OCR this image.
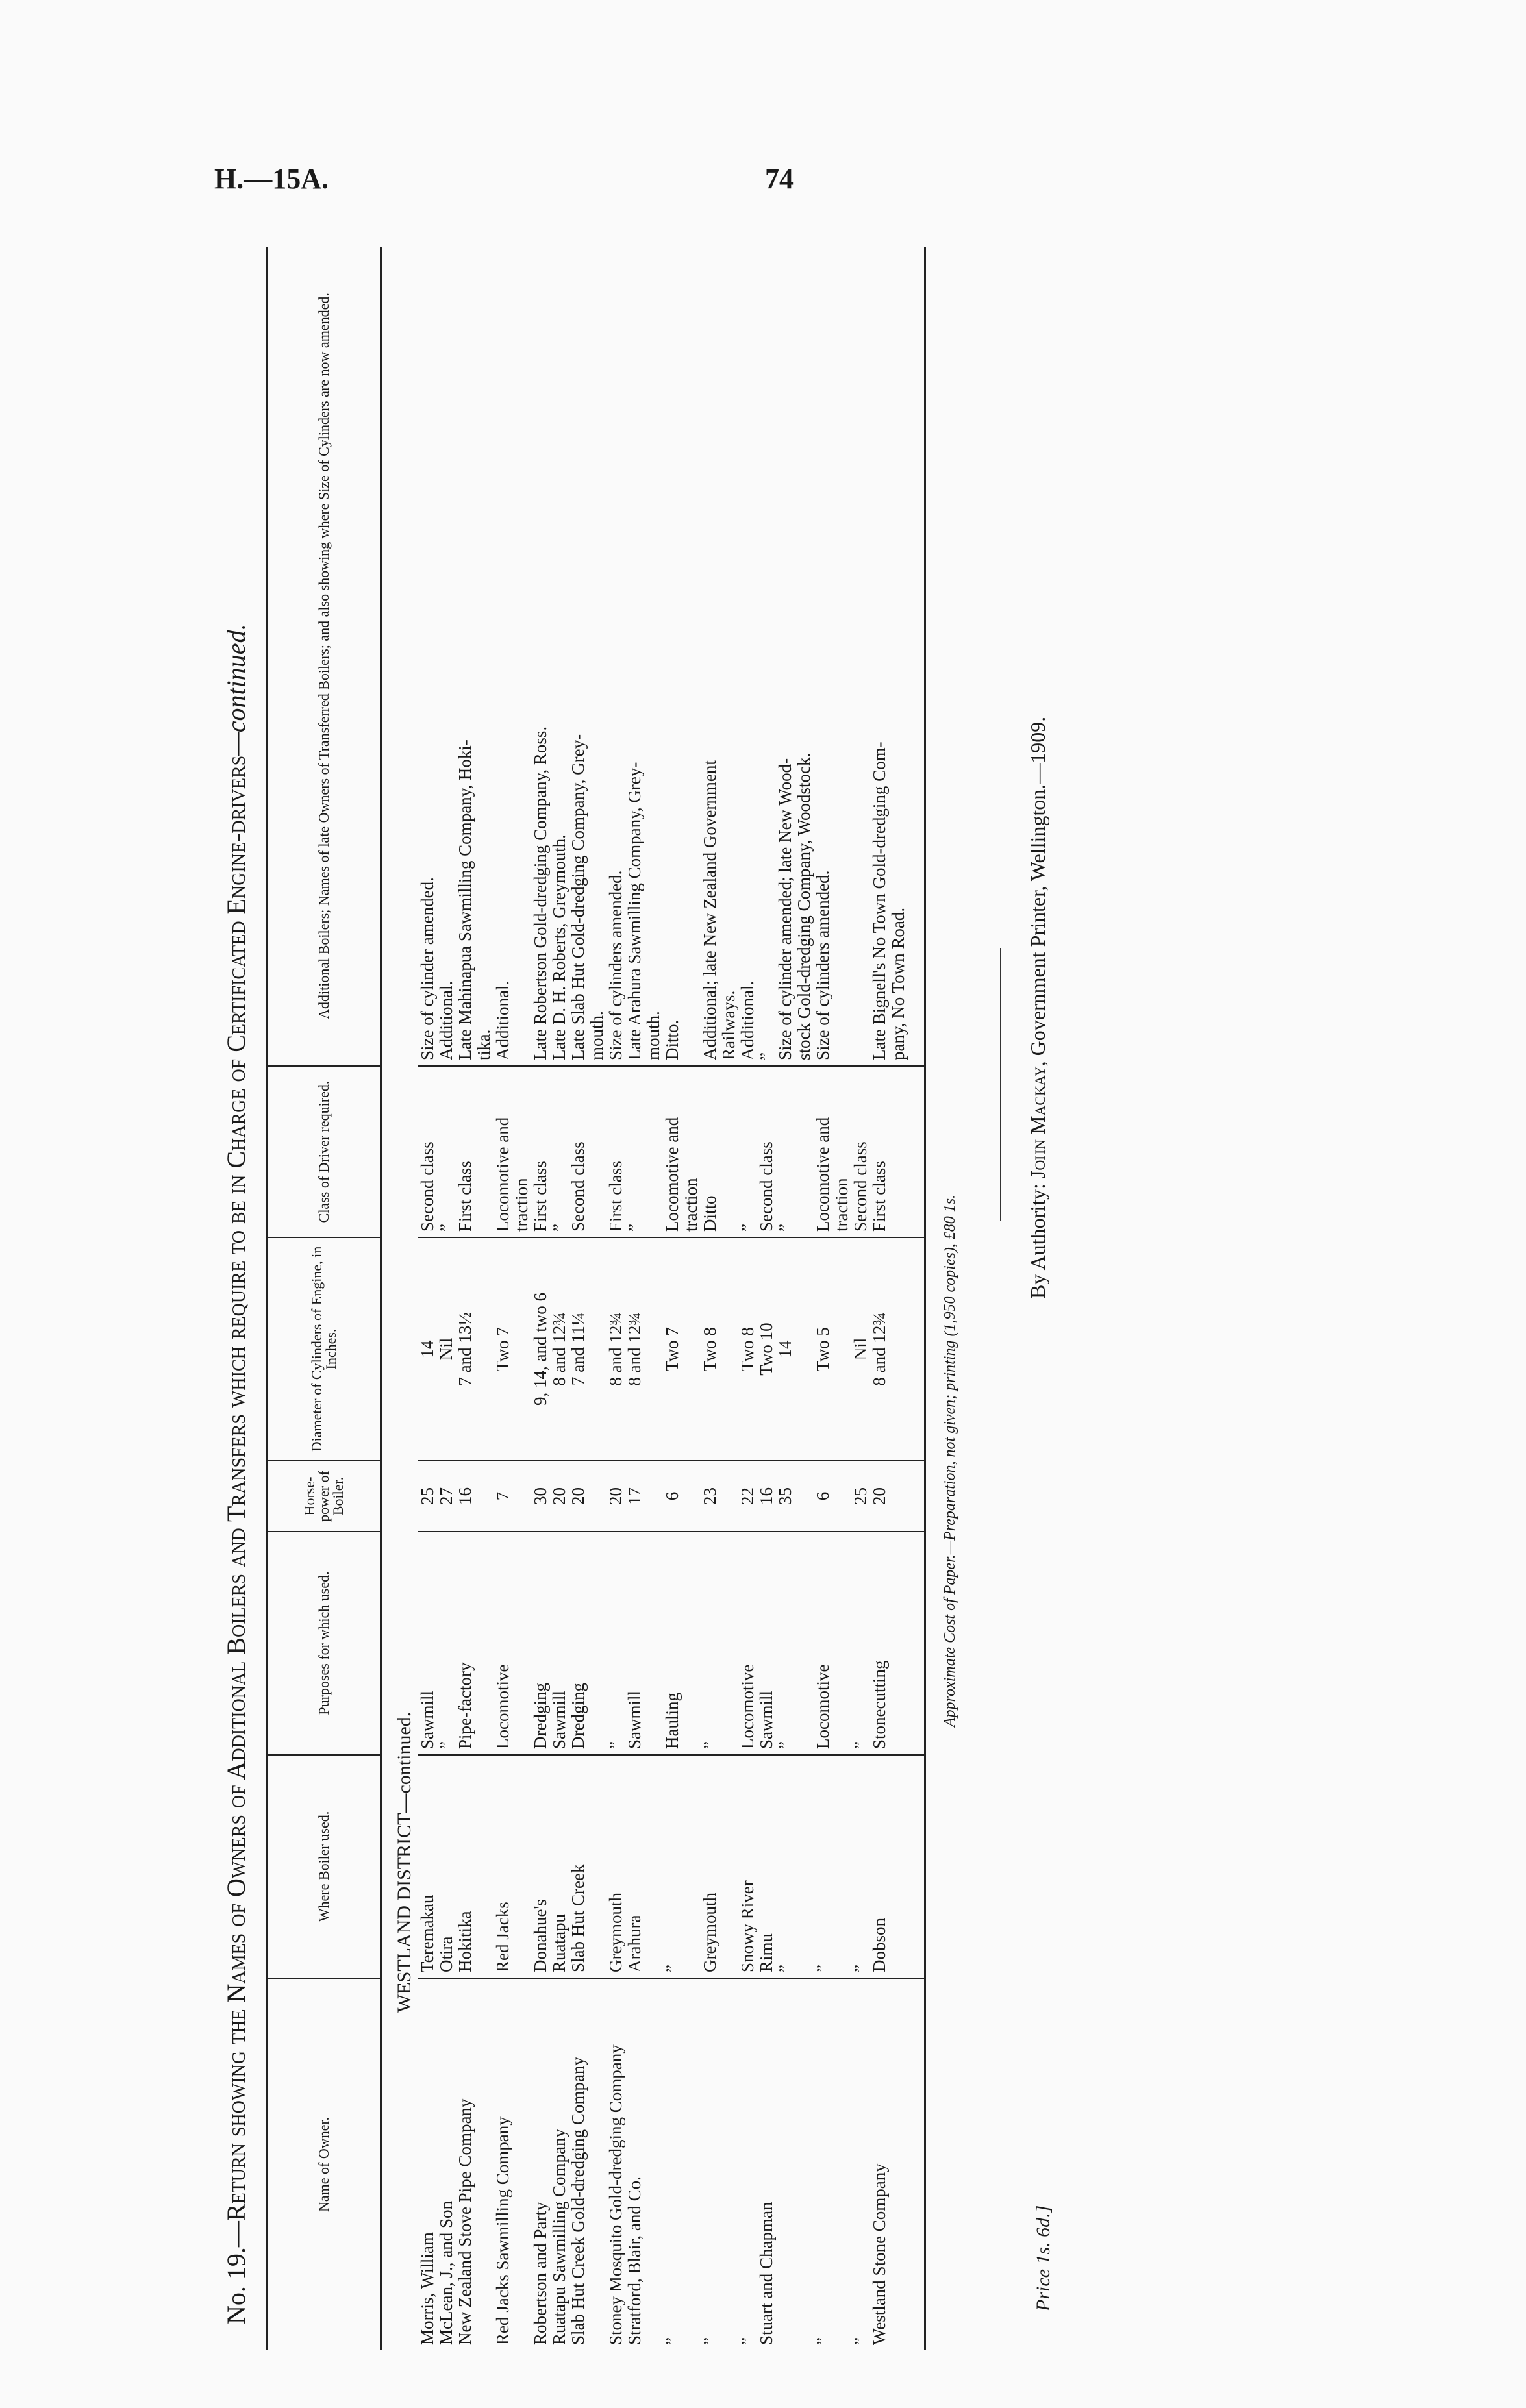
H.—15A.	74
No. 19.—Return showing the Names of Owners of Additional Boilers and Transfers which require to be in Charge of Certificated Engine-drivers—continued.
Name of Owner.	Where Boiler used.	Purposes for which used.	Horse-power of Boiler.	Diameter of Cylinders of Engine, in Inches.	Class of Driver required.	Additional Boilers; Names of late Owners of Transferred Boilers; and also showing where Size of Cylinders are now amended.
WESTLAND DISTRICT—continued.						
Morris, William	Teremakau	Sawmill	25	14	Second class	Size of cylinder amended.
McLean, J., and Son	Otira	”	27	Nil	”	Additional.
New Zealand Stove Pipe Company	Hokitika	Pipe-factory	16	7 and 13½	First class	Late Mahinapua Sawmilling Company, Hoki-
						tika.
Red Jacks Sawmilling Company	Red Jacks	Locomotive	7	Two 7	Locomotive and	Additional.
					traction	
Robertson and Party	Donahue's	Dredging	30	9, 14, and two 6	First class	Late Robertson Gold-dredging Company, Ross.
Ruatapu Sawmilling Company	Ruatapu	Sawmill	20	8 and 12¾	”	Late D. H. Roberts, Greymouth.
Slab Hut Creek Gold-dredging Company	Slab Hut Creek	Dredging	20	7 and 11¼	Second class	Late Slab Hut Gold-dredging Company, Grey-
						mouth.
Stoney Mosquito Gold-dredging Company	Greymouth	”	20	8 and 12¾	First class	Size of cylinders amended.
Stratford, Blair, and Co.	Arahura	Sawmill	17	8 and 12¾	”	Late Arahura Sawmilling Company, Grey-
						mouth.
”	”	Hauling	6	Two 7	Locomotive and	Ditto.
					traction	
”	Greymouth	”	23	Two 8	Ditto	Additional; late New Zealand Government
						Railways.
”	Snowy River	Locomotive	22	Two 8	”	Additional.
Stuart and Chapman	Rimu	Sawmill	16	Two 10	Second class	”
	”	”	35	14	”	Size of cylinder amended; late New Wood-
						stock Gold-dredging Company, Woodstock.
”	”	Locomotive	6	Two 5	Locomotive and	Size of cylinders amended.
					traction	
”	”	”	25	Nil	Second class	
Westland Stone Company	Dobson	Stonecutting	20	8 and 12¾	First class	Late Bignell's No Town Gold-dredging Com-
						pany, No Town Road.
Approximate Cost of Paper.—Preparation, not given; printing (1,950 copies), £80 1s.	By Authority: John Mackay, Government Printer, Wellington.—1909.
Price 1s. 6d.]
